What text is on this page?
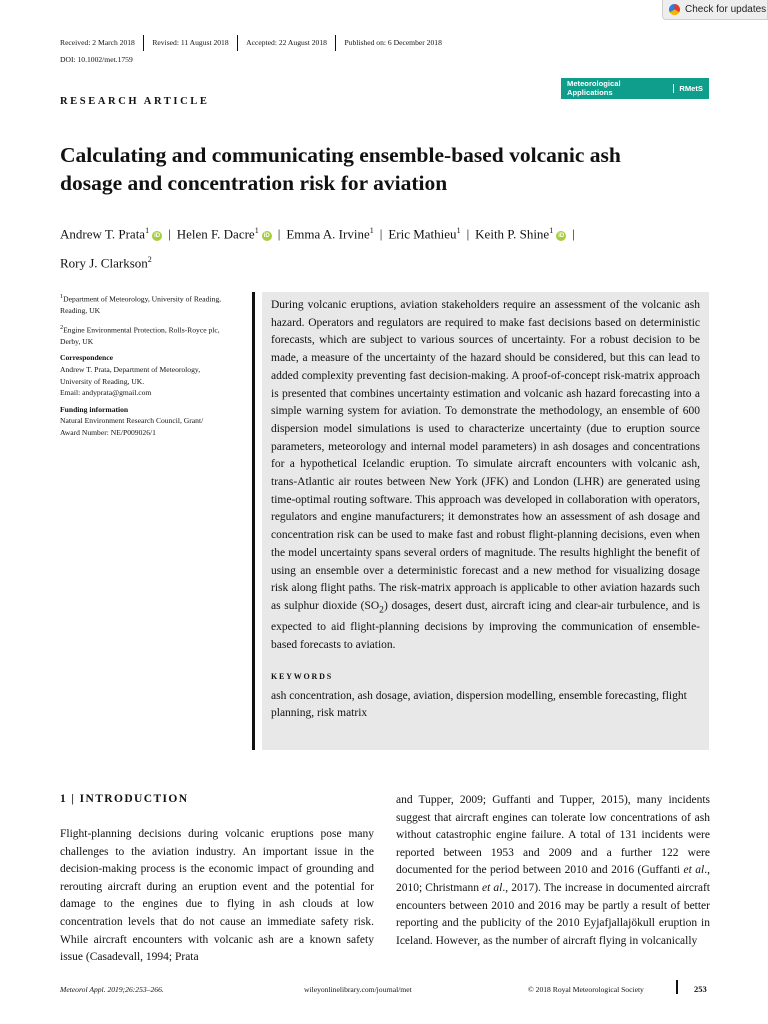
Check for updates
Received: 2 March 2018	Revised: 11 August 2018	Accepted: 22 August 2018	Published on: 6 December 2018
DOI: 10.1002/met.1759
Meteorological
Applications	RMetS
RESEARCH ARTICLE
Calculating and communicating ensemble-based volcanic ash
dosage and concentration risk for aviation
Andrew T. Prata$^1$iD | Helen F. Dacre$^1$iD | Emma A. Irvine$^1$ | Eric Mathieu$^1$ | Keith P. Shine$^1$iD |
Rory J. Clarkson$^2$

$^1$Department of Meteorology, University of Reading, Reading, UK

$^2$Engine Environmental Protection, Rolls-Royce plc, Derby, UK

Correspondence

Andrew T. Prata, Department of Meteorology,

University of Reading, UK.

Email: andyprata@gmail.com

Funding information

Natural Environment Research Council, Grant/

Award Number: NE/P009026/1

During volcanic eruptions, aviation stakeholders require an assessment of the volcanic ash hazard. Operators and regulators are required to make fast decisions based on deterministic forecasts, which are subject to various sources of uncertainty. For a robust decision to be made, a measure of the uncertainty of the hazard should be considered, but this can lead to added complexity preventing fast decision-making. A proof-of-concept risk-matrix approach is presented that combines uncertainty estimation and volcanic ash hazard forecasting into a simple warning system for aviation. To demonstrate the methodology, an ensemble of 600 dispersion model simulations is used to characterize uncertainty (due to eruption source parameters, meteorology and internal model parameters) in ash dosages and concentrations for a hypothetical Icelandic eruption. To simulate aircraft encounters with volcanic ash, trans-Atlantic air routes between New York (JFK) and London (LHR) are generated using time-optimal routing software. This approach was developed in collaboration with operators, regulators and engine manufacturers; it demonstrates how an assessment of ash dosage and concentration risk can be used to make fast and robust flight-planning decisions, even when the model uncertainty spans several orders of magnitude. The results highlight the benefit of using an ensemble over a deterministic forecast and a new method for visualizing dosage risk along flight paths. The risk-matrix approach is applicable to other aviation hazards such as sulphur dioxide $(SO_2)$ dosages, desert dust, aircraft icing and clear-air turbulence, and is expected to aid flight-planning decisions by improving the communication of ensemble-based forecasts to aviation.
KEYWORDS
ash concentration, ash dosage, aviation, dispersion modelling, ensemble forecasting, flight planning, risk matrix
1 | INTRODUCTION
Flight-planning decisions during volcanic eruptions pose many challenges to the aviation industry. An important issue in the decision-making process is the economic impact of grounding and rerouting aircraft during an eruption event and the potential for damage to the engines due to flying in ash clouds at low concentration levels that do not cause an immediate safety risk. While aircraft encounters with volcanic ash are a known safety issue (Casadevall, 1994; Prata
and Tupper, 2009; Guffanti and Tupper, 2015), many incidents suggest that aircraft engines can tolerate low concentrations of ash without catastrophic engine failure. A total of 131 incidents were reported between 1953 and 2009 and a further 122 were documented for the period between 2010 and 2016 (Guffanti et al., 2010; Christmann et al., 2017). The increase in documented aircraft encounters between 2010 and 2016 may be partly a result of better reporting and the publicity of the 2010 Eyjafjallajökull eruption in Iceland. However, as the number of aircraft flying in volcanically
Meteorol Appl. 2019;26:253–266.	wileyonlinelibrary.com/journal/met	© 2018 Royal Meteorological Society	253
